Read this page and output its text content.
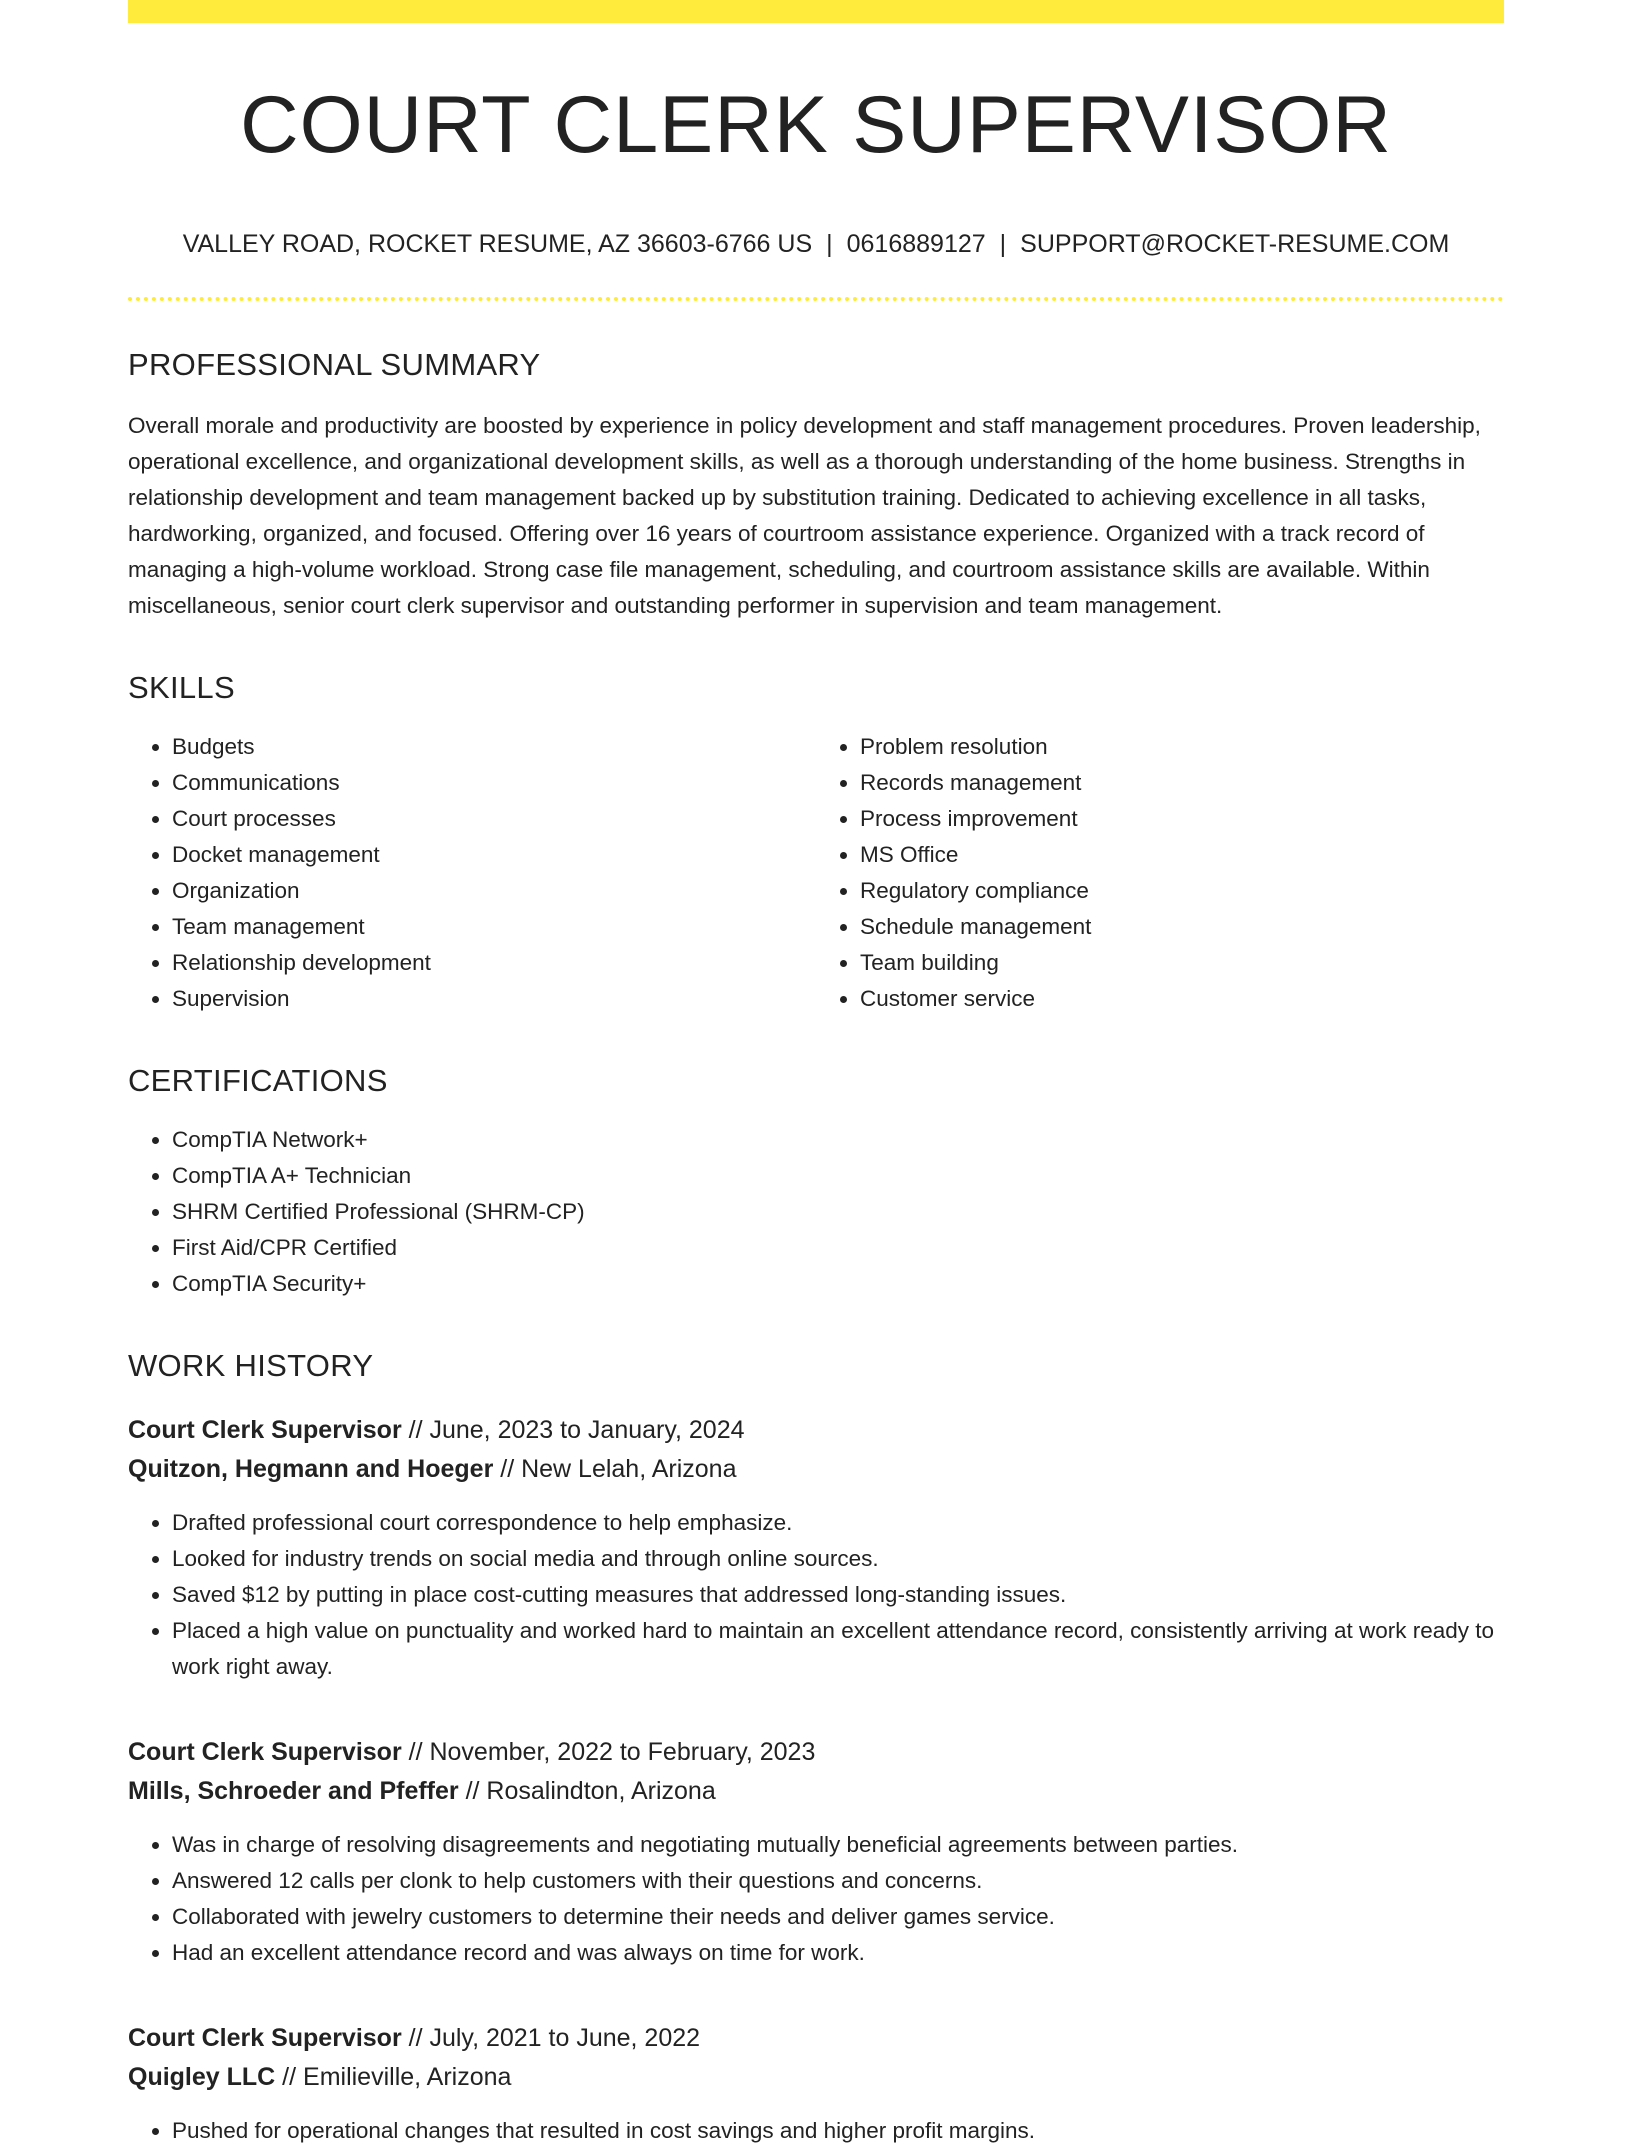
COURT CLERK SUPERVISOR
VALLEY ROAD, ROCKET RESUME, AZ 36603-6766 US | 0616889127 | SUPPORT@ROCKET-RESUME.COM
PROFESSIONAL SUMMARY

Overall morale and productivity are boosted by experience in policy development and staff management procedures. Proven leadership, operational excellence, and organizational development skills, as well as a thorough understanding of the home business. Strengths in relationship development and team management backed up by substitution training. Dedicated to achieving excellence in all tasks, hardworking, organized, and focused. Offering over 16 years of courtroom assistance experience. Organized with a track record of managing a high-volume workload. Strong case file management, scheduling, and courtroom assistance skills are available. Within miscellaneous, senior court clerk supervisor and outstanding performer in supervision and team management.

SKILLS
• Budgets
• Communications
• Court processes
• Docket management
• Organization
• Team management
• Relationship development
• Supervision
• Problem resolution
• Records management
• Process improvement
• MS Office
• Regulatory compliance
• Schedule management
• Team building
• Customer service
CERTIFICATIONS
• CompTIA Network+
• CompTIA A+ Technician
• SHRM Certified Professional (SHRM-CP)
• First Aid/CPR Certified
• CompTIA Security+
WORK HISTORY
Court Clerk Supervisor // June, 2023 to January, 2024
Quitzon, Hegmann and Hoeger // New Lelah, Arizona
• Drafted professional court correspondence to help emphasize.
• Looked for industry trends on social media and through online sources.
• Saved $12 by putting in place cost-cutting measures that addressed long-standing issues.
• Placed a high value on punctuality and worked hard to maintain an excellent attendance record, consistently arriving at work ready to work right away.
Court Clerk Supervisor // November, 2022 to February, 2023
Mills, Schroeder and Pfeffer // Rosalindton, Arizona
• Was in charge of resolving disagreements and negotiating mutually beneficial agreements between parties.
• Answered 12 calls per clonk to help customers with their questions and concerns.
• Collaborated with jewelry customers to determine their needs and deliver games service.
• Had an excellent attendance record and was always on time for work.
Court Clerk Supervisor // July, 2021 to June, 2022
Quigley LLC // Emilieville, Arizona
• Pushed for operational changes that resulted in cost savings and higher profit margins.
